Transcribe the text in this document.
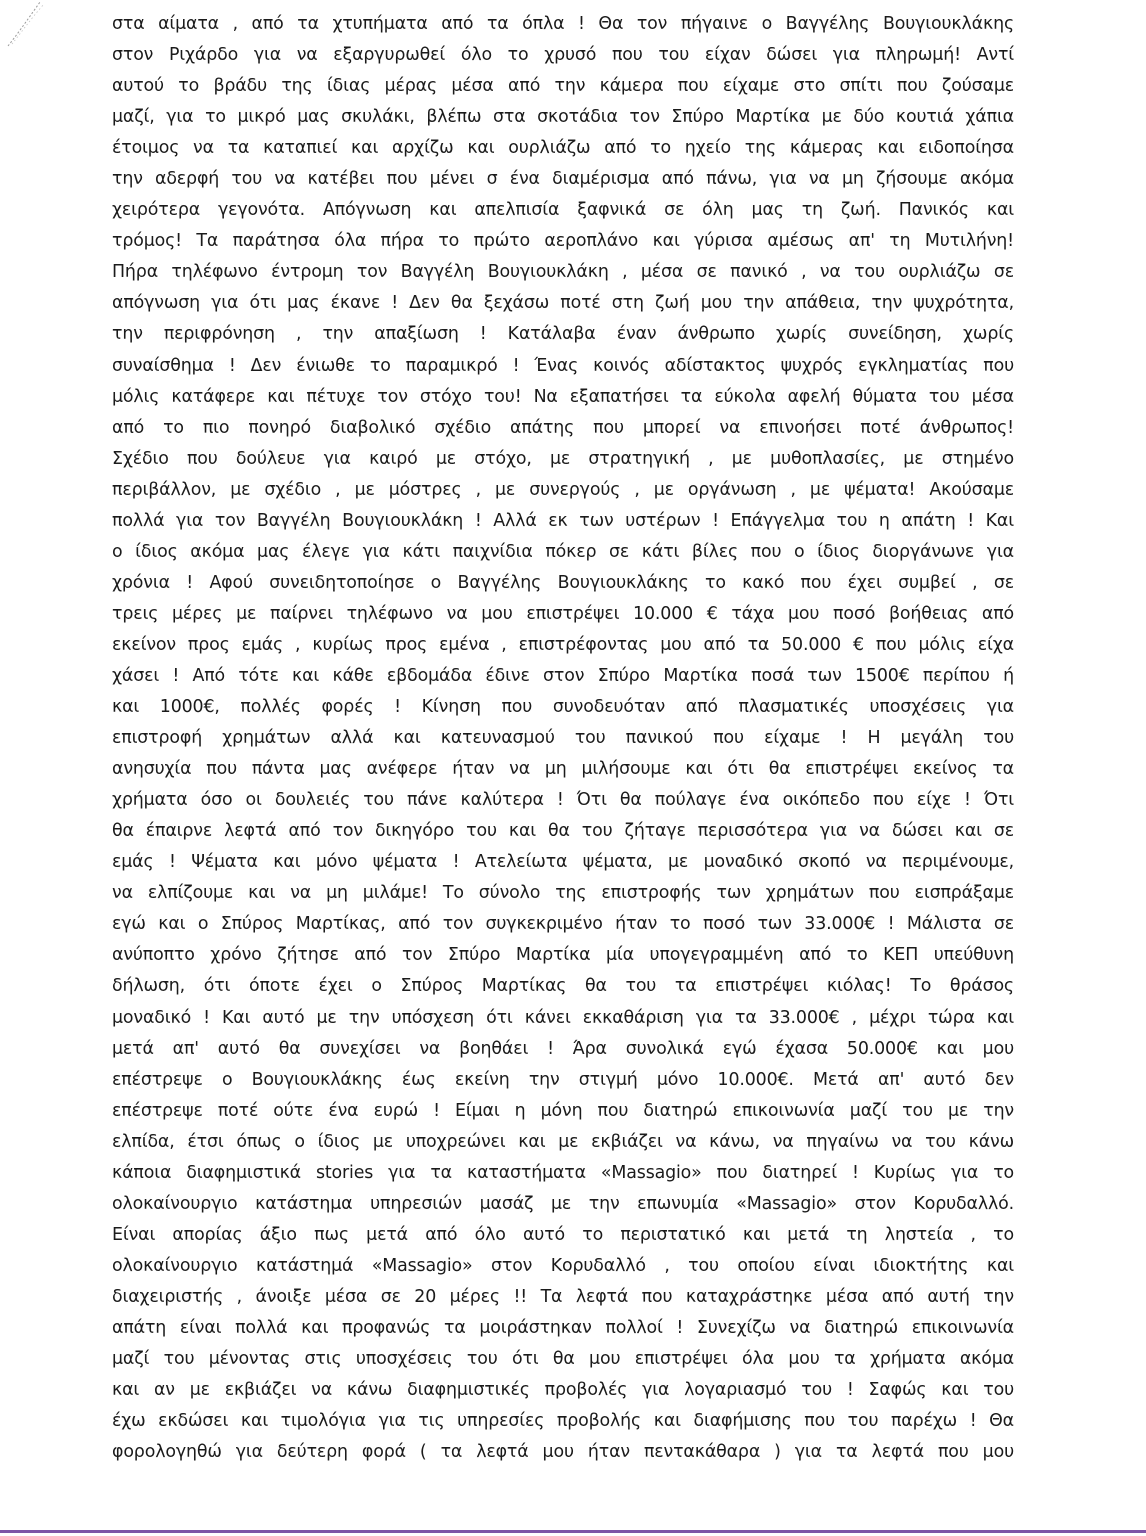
στα αίματα , από τα χτυπήματα από τα όπλα ! Θα τον πήγαινε ο Βαγγέλης Βουγιουκλάκης
στον Ριχάρδο για να εξαργυρωθεί όλο το χρυσό που του είχαν δώσει για πληρωμή! Αντί
αυτού το βράδυ της ίδιας μέρας μέσα από την κάμερα που είχαμε στο σπίτι που ζούσαμε
μαζί, για το μικρό μας σκυλάκι, βλέπω στα σκοτάδια τον Σπύρο Μαρτίκα με δύο κουτιά χάπια
έτοιμος να τα καταπιεί και αρχίζω και ουρλιάζω από το ηχείο της κάμερας και ειδοποίησα
την αδερφή του να κατέβει που μένει σ ένα διαμέρισμα από πάνω, για να μη ζήσουμε ακόμα
χειρότερα γεγονότα. Απόγνωση και απελπισία ξαφνικά σε όλη μας τη ζωή. Πανικός και
τρόμος! Τα παράτησα όλα πήρα το πρώτο αεροπλάνο και γύρισα αμέσως απ' τη Μυτιλήνη!
Πήρα τηλέφωνο έντρομη τον Βαγγέλη Βουγιουκλάκη , μέσα σε πανικό , να του ουρλιάζω σε
απόγνωση για ότι μας έκανε ! Δεν θα ξεχάσω ποτέ στη ζωή μου την απάθεια, την ψυχρότητα,
την περιφρόνηση , την απαξίωση ! Κατάλαβα έναν άνθρωπο χωρίς συνείδηση, χωρίς
συναίσθημα ! Δεν ένιωθε το παραμικρό ! Ένας κοινός αδίστακτος ψυχρός εγκληματίας που
μόλις κατάφερε και πέτυχε τον στόχο του! Να εξαπατήσει τα εύκολα αφελή θύματα του μέσα
από το πιο πονηρό διαβολικό σχέδιο απάτης που μπορεί να επινοήσει ποτέ άνθρωπος!
Σχέδιο που δούλευε για καιρό με στόχο, με στρατηγική , με μυθοπλασίες, με στημένο
περιβάλλον, με σχέδιο , με μόστρες , με συνεργούς , με οργάνωση , με ψέματα! Ακούσαμε
πολλά για τον Βαγγέλη Βουγιουκλάκη ! Αλλά εκ των υστέρων ! Επάγγελμα του η απάτη ! Και
ο ίδιος ακόμα μας έλεγε για κάτι παιχνίδια πόκερ σε κάτι βίλες που ο ίδιος διοργάνωνε για
χρόνια ! Αφού συνειδητοποίησε ο Βαγγέλης Βουγιουκλάκης το κακό που έχει συμβεί , σε
τρεις μέρες με παίρνει τηλέφωνο να μου επιστρέψει 10.000 € τάχα μου ποσό βοήθειας από
εκείνον προς εμάς , κυρίως προς εμένα , επιστρέφοντας μου από τα 50.000 € που μόλις είχα
χάσει ! Από τότε και κάθε εβδομάδα έδινε στον Σπύρο Μαρτίκα ποσά των 1500€ περίπου ή
και 1000€, πολλές φορές ! Κίνηση που συνοδευόταν από πλασματικές υποσχέσεις για
επιστροφή χρημάτων αλλά και κατευνασμού του πανικού που είχαμε ! Η μεγάλη του
ανησυχία που πάντα μας ανέφερε ήταν να μη μιλήσουμε και ότι θα επιστρέψει εκείνος τα
χρήματα όσο οι δουλειές του πάνε καλύτερα ! Ότι θα πούλαγε ένα οικόπεδο που είχε ! Ότι
θα έπαιρνε λεφτά από τον δικηγόρο του και θα του ζήταγε περισσότερα για να δώσει και σε
εμάς ! Ψέματα και μόνο ψέματα ! Ατελείωτα ψέματα, με μοναδικό σκοπό να περιμένουμε,
να ελπίζουμε και να μη μιλάμε! Το σύνολο της επιστροφής των χρημάτων που εισπράξαμε
εγώ και ο Σπύρος Μαρτίκας, από τον συγκεκριμένο ήταν το ποσό των 33.000€ ! Μάλιστα σε
ανύποπτο χρόνο ζήτησε από τον Σπύρο Μαρτίκα μία υπογεγραμμένη από το ΚΕΠ υπεύθυνη
δήλωση, ότι όποτε έχει ο Σπύρος Μαρτίκας θα του τα επιστρέψει κιόλας! Το θράσος
μοναδικό ! Και αυτό με την υπόσχεση ότι κάνει εκκαθάριση για τα 33.000€ , μέχρι τώρα και
μετά απ' αυτό θα συνεχίσει να βοηθάει ! Άρα συνολικά εγώ έχασα 50.000€ και μου
επέστρεψε ο Βουγιουκλάκης έως εκείνη την στιγμή μόνο 10.000€. Μετά απ' αυτό δεν
επέστρεψε ποτέ ούτε ένα ευρώ ! Είμαι η μόνη που διατηρώ επικοινωνία μαζί του με την
ελπίδα, έτσι όπως ο ίδιος με υποχρεώνει και με εκβιάζει να κάνω, να πηγαίνω να του κάνω
κάποια διαφημιστικά stories για τα καταστήματα «Massagio» που διατηρεί ! Κυρίως για το
ολοκαίνουργιο κατάστημα υπηρεσιών μασάζ με την επωνυμία «Massagio» στον Κορυδαλλό.
Είναι απορίας άξιο πως μετά από όλο αυτό το περιστατικό και μετά τη ληστεία , το
ολοκαίνουργιο κατάστημά «Massagio» στον Κορυδαλλό , του οποίου είναι ιδιοκτήτης και
διαχειριστής , άνοιξε μέσα σε 20 μέρες !! Τα λεφτά που καταχράστηκε μέσα από αυτή την
απάτη είναι πολλά και προφανώς τα μοιράστηκαν πολλοί ! Συνεχίζω να διατηρώ επικοινωνία
μαζί του μένοντας στις υποσχέσεις του ότι θα μου επιστρέψει όλα μου τα χρήματα ακόμα
και αν με εκβιάζει να κάνω διαφημιστικές προβολές για λογαριασμό του ! Σαφώς και του
έχω εκδώσει και τιμολόγια για τις υπηρεσίες προβολής και διαφήμισης που του παρέχω ! Θα
φορολογηθώ για δεύτερη φορά ( τα λεφτά μου ήταν πεντακάθαρα ) για τα λεφτά που μου
